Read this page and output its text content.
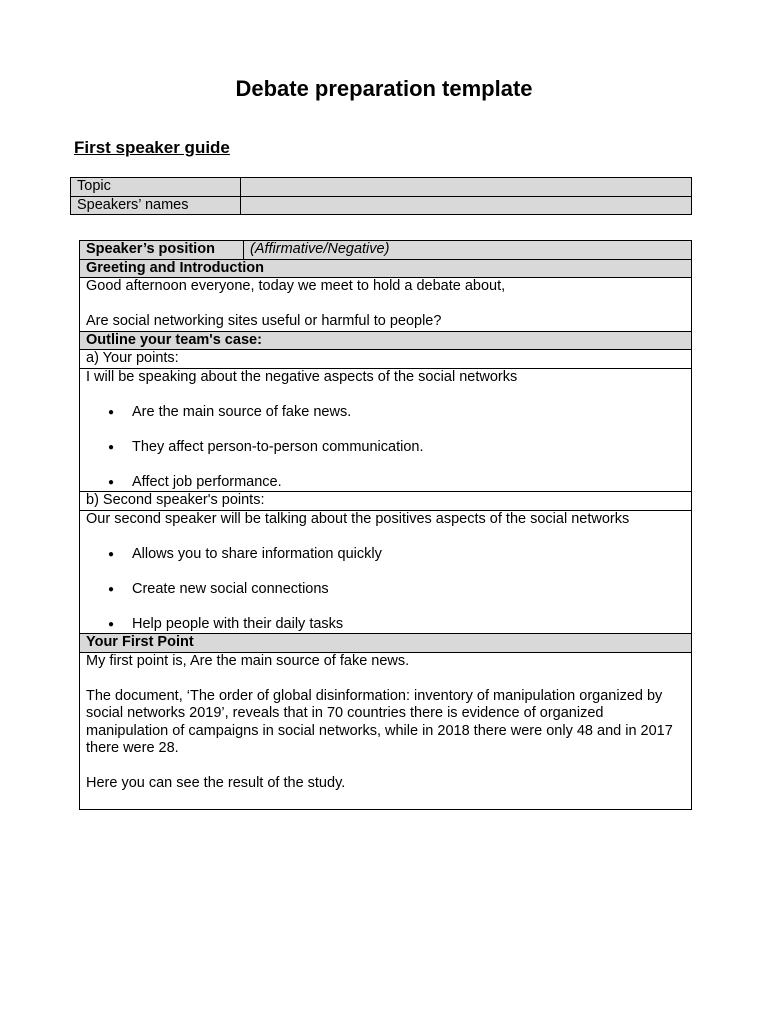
Debate preparation template
First speaker guide
Topic	
Speakers’ names	
Speaker’s position	(Affirmative/Negative)
Greeting and Introduction

Good afternoon everyone, today we meet to hold a debate about,

Are social networking sites useful or harmful to people?

Outline your team's case:
a) Your points:

I will be speaking about the negative aspects of the social networks

● Are the main source of fake news.
● They affect person-to-person communication.
● Affect job performance.

b) Second speaker's points:

Our second speaker will be talking about the positives aspects of the social networks

● Allows you to share information quickly
● Create new social connections
● Help people with their daily tasks

Your First Point

My first point is, Are the main source of fake news.

The document, ‘The order of global disinformation: inventory of manipulation organized by social networks 2019’, reveals that in 70 countries there is evidence of organized manipulation of campaigns in social networks, while in 2018 there were only 48 and in 2017 there were 28.

Here you can see the result of the study.
